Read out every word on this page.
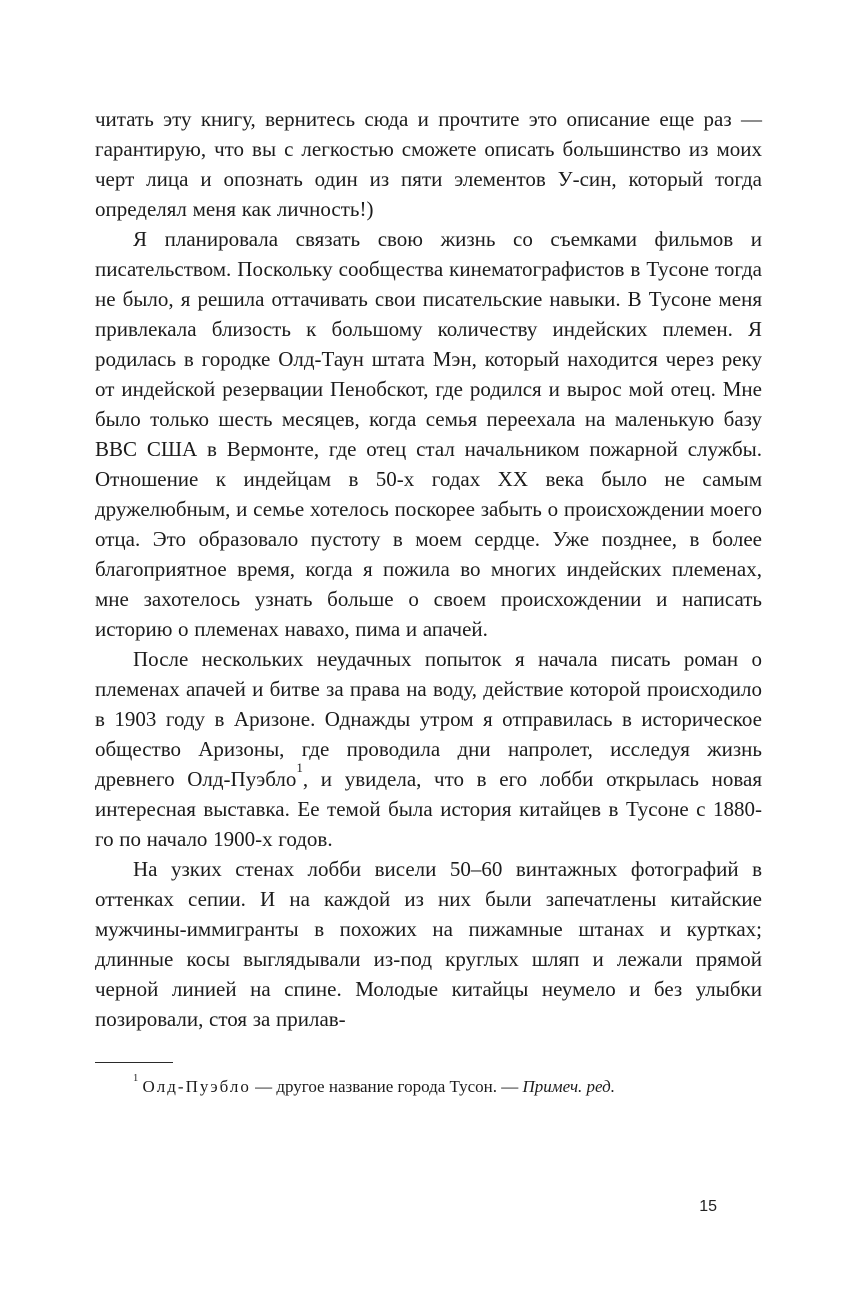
читать эту книгу, вернитесь сюда и прочтите это описание еще раз — гарантирую, что вы с легкостью сможете описать большинство из моих черт лица и опознать один из пяти элементов У-син, который тогда определял меня как личность!)

Я планировала связать свою жизнь со съемками фильмов и писательством. Поскольку сообщества кинематографистов в Тусоне тогда не было, я решила оттачивать свои писательские навыки. В Тусоне меня привлекала близость к большому количеству индейских племен. Я родилась в городке Олд-Таун штата Мэн, который находится через реку от индейской резервации Пенобскот, где родился и вырос мой отец. Мне было только шесть месяцев, когда семья переехала на маленькую базу ВВС США в Вермонте, где отец стал начальником пожарной службы. Отношение к индейцам в 50-х годах XX века было не самым дружелюбным, и семье хотелось поскорее забыть о происхождении моего отца. Это образовало пустоту в моем сердце. Уже позднее, в более благоприятное время, когда я пожила во многих индейских племенах, мне захотелось узнать больше о своем происхождении и написать историю о племенах навахо, пима и апачей.

После нескольких неудачных попыток я начала писать роман о племенах апачей и битве за права на воду, действие которой происходило в 1903 году в Аризоне. Однажды утром я отправилась в историческое общество Аризоны, где проводила дни напролет, исследуя жизнь древнего Олд-Пуэбло$^1$, и увидела, что в его лобби открылась новая интересная выставка. Ее темой была история китайцев в Тусоне с 1880-го по начало 1900-х годов.

На узких стенах лобби висели 50–60 винтажных фотографий в оттенках сепии. И на каждой из них были запечатлены китайские мужчины-иммигранты в похожих на пижамные штанах и куртках; длинные косы выглядывали из-под круглых шляп и лежали прямой черной линией на спине. Молодые китайцы неумело и без улыбки позировали, стоя за прилав-

$^1$ Олд-Пуэбло — другое название города Тусон. — Примеч. ред.

15
